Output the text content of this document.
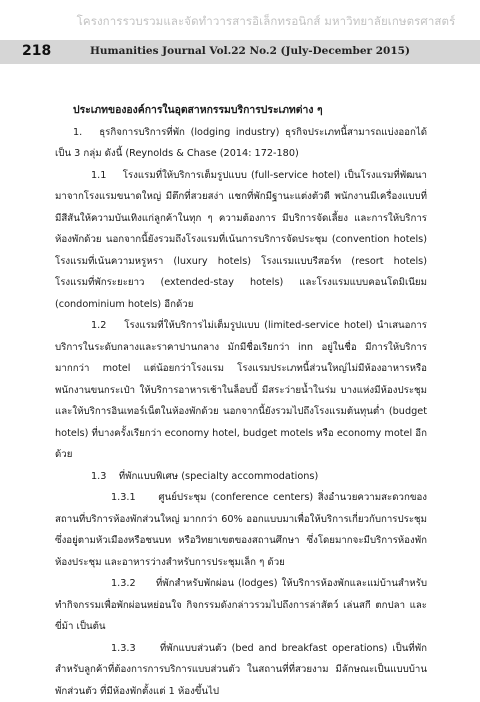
โครงการรวบรวมและจัดทำวารสารอิเล็กทรอนิกส์ มหาวิทยาลัยเกษตรศาสตร์
218	Humanities Journal Vol.22 No.2 (July-December 2015)

ประเภทขององค์การในอุตสาหกรรมบริการประเภทต่าง ๆ

1. ธุรกิจการบริการที่พัก (lodging industry) ธุรกิจประเภทนี้สามารถแบ่งออกได้เป็น 3 กลุ่ม ดังนี้ (Reynolds & Chase (2014: 172-180)

1.1 โรงแรมที่ให้บริการเต็มรูปแบบ (full-service hotel) เป็นโรงแรมที่พัฒนามาจากโรงแรมขนาดใหญ่ มีตึกที่สวยสง่า แชกที่พักมีฐานะแต่งตัวดี พนักงานมีเครื่องแบบที่มีสีสันให้ความบันเทิงแก่ลูกค้าในทุก ๆ ความต้องการ มีบริการจัดเลี้ยง และการให้บริการห้องพักด้วย นอกจากนี้ยังรวมถึงโรงแรมที่เน้นการบริการจัดประชุม (convention hotels) โรงแรมที่เน้นความหรูหรา (luxury hotels) โรงแรมแบบรีสอร์ท (resort hotels) โรงแรมที่พักระยะยาว (extended-stay hotels) และโรงแรมแบบคอนโดมิเนียม (condominium hotels) อีกด้วย

1.2 โรงแรมที่ให้บริการไม่เต็มรูปแบบ (limited-service hotel) นำเสนอการบริการในระดับกลางและราคาปานกลาง มักมีชื่อเรียกว่า inn อยู่ในชื่อ มีการให้บริการมากกว่า motel แต่น้อยกว่าโรงแรม โรงแรมประเภทนี้ส่วนใหญ่ไม่มีห้องอาหารหรือพนักงานขนกระเป๋า ให้บริการอาหารเช้าในล็อบบี้ มีสระว่ายน้ำในร่ม บางแห่งมีห้องประชุมและให้บริการอินเทอร์เน็ตในห้องพักด้วย นอกจากนี้ยังรวมไปถึงโรงแรมต้นทุนต่ำ (budget hotels) ที่บางครั้งเรียกว่า economy hotel, budget motels หรือ economy motel อีกด้วย

1.3 ที่พักแบบพิเศษ (specialty accommodations)

1.3.1 ศูนย์ประชุม (conference centers) สิ่งอำนวยความสะดวกของสถานที่บริการห้องพักส่วนใหญ่ มากกว่า 60% ออกแบบมาเพื่อให้บริการเกี่ยวกับการประชุมซึ่งอยู่ตามหัวเมืองหรือชนบท หรือวิทยาเขตของสถานศึกษา ซึ่งโดยมากจะมีบริการห้องพัก ห้องประชุม และอาหารว่างสำหรับการประชุมเล็ก ๆ ด้วย

1.3.2 ที่พักสำหรับพักผ่อน (lodges) ให้บริการห้องพักและแม่บ้านสำหรับทำกิจกรรมเพื่อพักผ่อนหย่อนใจ กิจกรรมดังกล่าวรวมไปถึงการล่าสัตว์ เล่นสกี ตกปลา และขี่ม้า เป็นต้น

1.3.3	ที่พักแบบส่วนตัว (bed and breakfast operations) เป็นที่พักสำหรับลูกค้าที่ต้องการการบริการแบบส่วนตัว ในสถานที่ที่สวยงาม มีลักษณะเป็นแบบบ้านพักส่วนตัว ที่มีห้องพักตั้งแต่ 1 ห้องขึ้นไป
